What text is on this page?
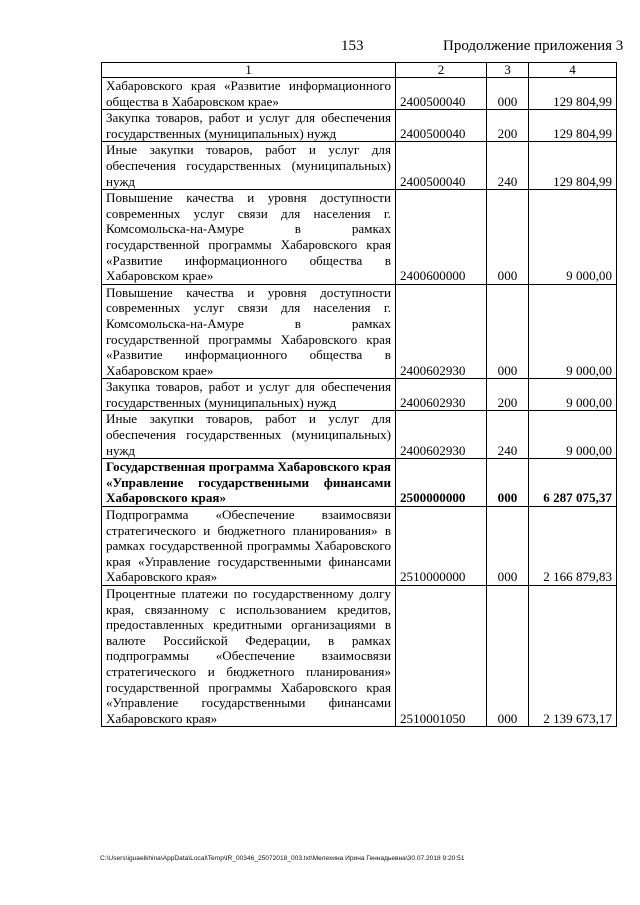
153	Продолжение приложения 3
1	2	3	4
Хабаровского края «Развитие информационного общества в Хабаровском крае»	2400500040	000	129 804,99
Закупка товаров, работ и услуг для обеспечения государственных (муниципальных) нужд	2400500040	200	129 804,99
Иные закупки товаров, работ и услуг для обеспечения государственных (муниципальных) нужд	2400500040	240	129 804,99
Повышение качества и уровня доступности современных услуг связи для населения г. Комсомольска-на-Амуре в рамках государственной программы Хабаровского края «Развитие информационного общества в Хабаровском крае»	2400600000	000	9 000,00
Повышение качества и уровня доступности современных услуг связи для населения г. Комсомольска-на-Амуре в рамках государственной программы Хабаровского края «Развитие информационного общества в Хабаровском крае»	2400602930	000	9 000,00
Закупка товаров, работ и услуг для обеспечения государственных (муниципальных) нужд	2400602930	200	9 000,00
Иные закупки товаров, работ и услуг для обеспечения государственных (муниципальных) нужд	2400602930	240	9 000,00
Государственная программа Хабаровского края «Управление государственными финансами Хабаровского края»	2500000000	000	6 287 075,37
Подпрограмма «Обеспечение взаимосвязи стратегического и бюджетного планирования» в рамках государственной программы Хабаровского края «Управление государственными финансами Хабаровского края»	2510000000	000	2 166 879,83
Процентные платежи по государственному долгу края, связанному с использованием кредитов, предоставленных кредитными организациями в валюте Российской Федерации, в рамках подпрограммы «Обеспечение взаимосвязи стратегического и бюджетного планирования» государственной программы Хабаровского края «Управление государственными финансами Хабаровского края»	2510001050	000	2 139 673,17
C:\Users\iguaelkhina\AppData\Local\Temp\IR_00346_25072018_003.txt\Мелехина Ирина Геннадьевна\30.07.2018 9:20:51
